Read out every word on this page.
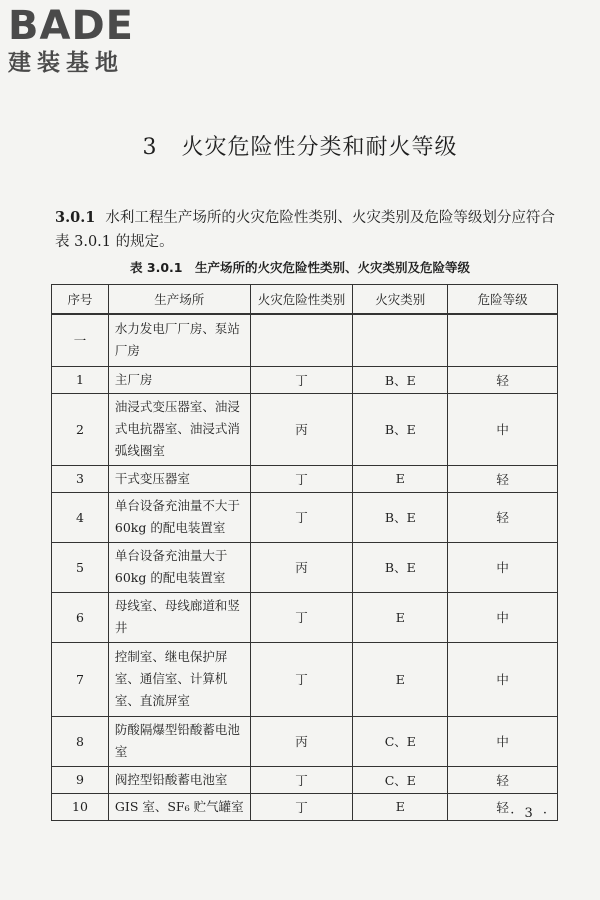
BADE
建装基地
3 火灾危险性分类和耐火等级
3.0.1 水利工程生产场所的火灾危险性类别、火灾类别及危险等级划分应符合表 3.0.1 的规定。
表 3.0.1　生产场所的火灾危险性类别、火灾类别及危险等级
序号	生产场所	火灾危险性类别	火灾类别	危险等级
一	水力发电厂厂房、泵站厂房			
1	主厂房	丁	B、E	轻
2	油浸式变压器室、油浸式电抗器室、油浸式消弧线圈室	丙	B、E	中
3	干式变压器室	丁	E	轻
4	单台设备充油量不大于 60kg 的配电装置室	丁	B、E	轻
5	单台设备充油量大于 60kg 的配电装置室	丙	B、E	中
6	母线室、母线廊道和竖井	丁	E	中
7	控制室、继电保护屏室、通信室、计算机室、直流屏室	丁	E	中
8	防酸隔爆型铅酸蓄电池室	丙	C、E	中
9	阀控型铅酸蓄电池室	丁	C、E	轻
10	GIS 室、SF₆ 贮气罐室	丁	E	轻 · 3 ·
